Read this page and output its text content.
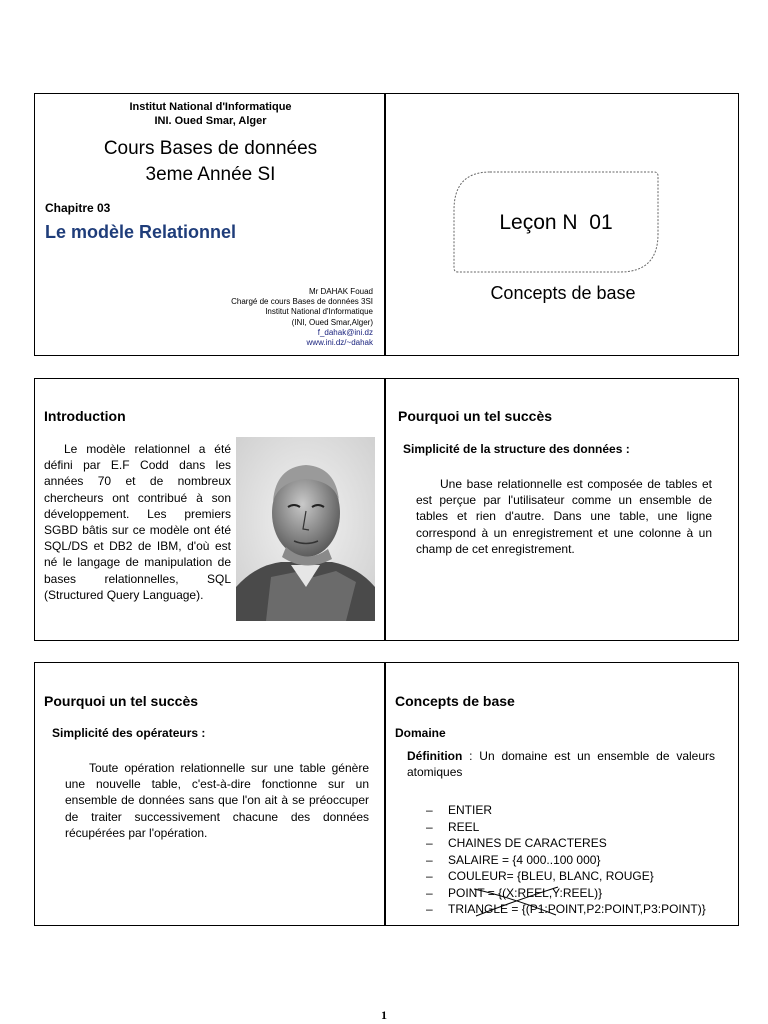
Institut National d'Informatique
INI. Oued Smar, Alger
Cours Bases de données
3eme Année SI
Chapitre 03
Le modèle Relationnel
Mr DAHAK Fouad
Chargé de cours Bases de données 3SI
Institut National d'Informatique
(INI, Oued Smar,Alger)
f_dahak@ini.dz
www.ini.dz/~dahak
Leçon N  01
Concepts de base
Introduction
Le modèle relationnel a été défini par E.F Codd dans les années 70 et de nombreux chercheurs ont contribué à son développement. Les premiers SGBD bâtis sur ce modèle ont été SQL/DS et DB2 de IBM, d'où est né le langage de manipulation de bases relationnelles, SQL (Structured Query Language).
Pourquoi un tel succès
Simplicité de la structure des données :
Une base relationnelle est composée de tables et est perçue par l'utilisateur comme un ensemble de tables et rien d'autre. Dans une table, une ligne correspond à un enregistrement et une colonne à un champ de cet enregistrement.
Pourquoi un tel succès
Simplicité des opérateurs :
Toute opération relationnelle sur une table génère une nouvelle table, c'est-à-dire fonctionne sur un ensemble de données sans que l'on ait à se préoccuper de traiter successivement chacune des données récupérées par l'opération.
Concepts de base
Domaine
Définition : Un domaine est un ensemble de valeurs atomiques
– ENTIER
– REEL
– CHAINES DE CARACTERES
– SALAIRE = {4 000..100 000}
– COULEUR= {BLEU, BLANC, ROUGE}
– POINT = {(X:REEL,Y:REEL)}
– TRIANGLE = {(P1:POINT,P2:POINT,P3:POINT)}
1
